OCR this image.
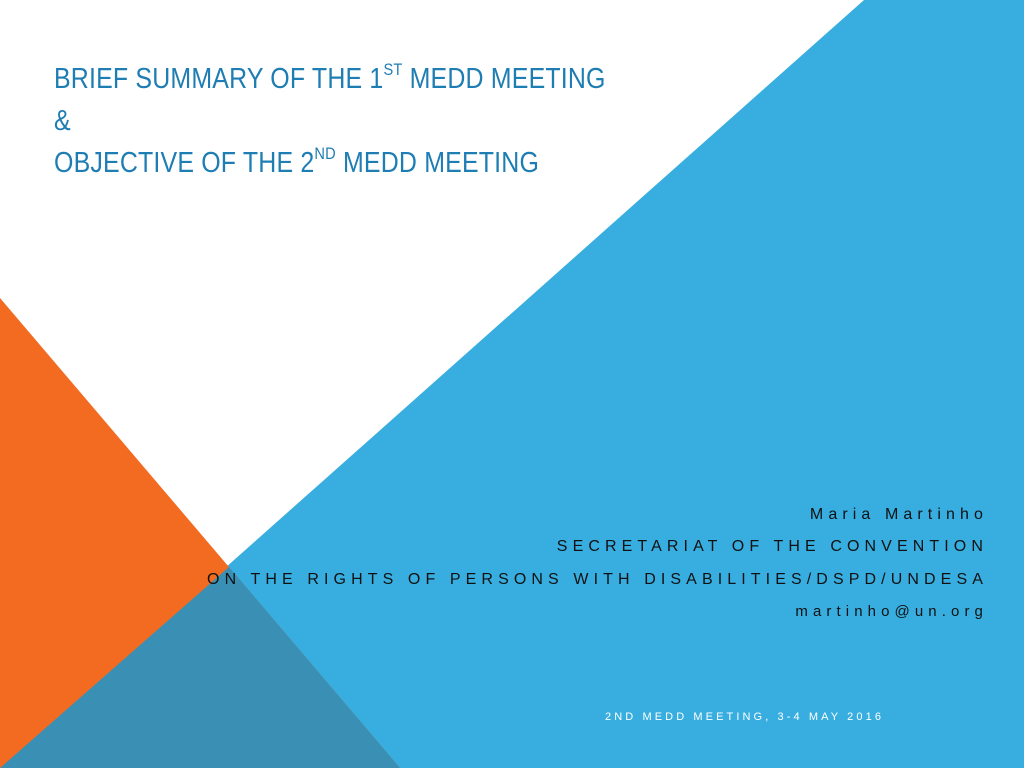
BRIEF SUMMARY OF THE 1ST MEDD MEETING
&
OBJECTIVE OF THE 2ND MEDD MEETING
Maria Martinho
SECRETARIAT OF THE CONVENTION
ON THE RIGHTS OF PERSONS WITH DISABILITIES/DSPD/UNDESA
martinho@un.org
2ND MEDD MEETING, 3-4 MAY 2016
